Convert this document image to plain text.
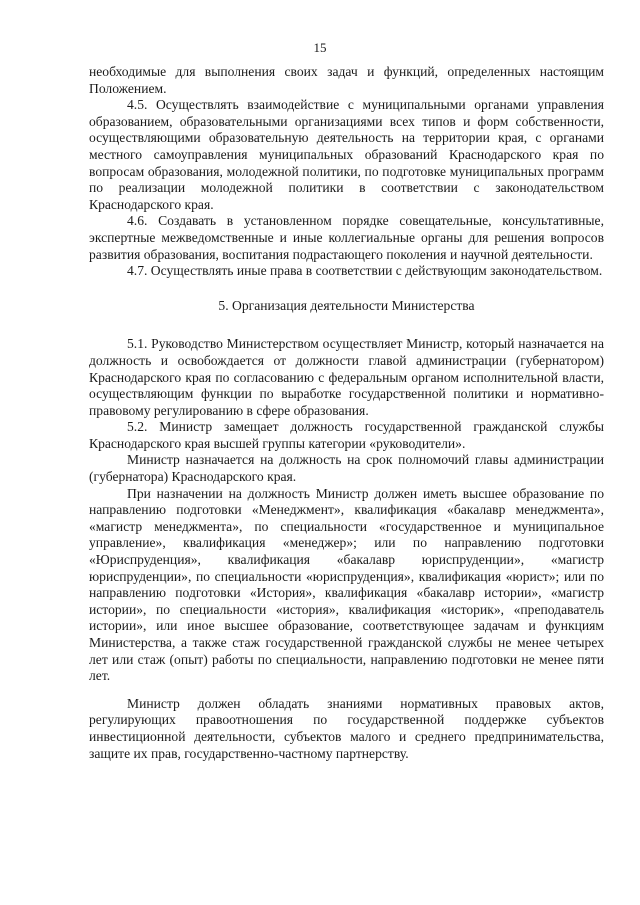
15

необходимые для выполнения своих задач и функций, определенных настоящим Положением.

4.5. Осуществлять взаимодействие с муниципальными органами управления образованием, образовательными организациями всех типов и форм собственности, осуществляющими образовательную деятельность на территории края, с органами местного самоуправления муниципальных образований Краснодарского края по вопросам образования, молодежной политики, по подготовке муниципальных программ по реализации молодежной политики в соответствии с законодательством Краснодарского края.

4.6. Создавать в установленном порядке совещательные, консультативные, экспертные межведомственные и иные коллегиальные органы для решения вопросов развития образования, воспитания подрастающего поколения и научной деятельности.

4.7. Осуществлять иные права в соответствии с действующим законодательством.

5. Организация деятельности Министерства

5.1. Руководство Министерством осуществляет Министр, который назначается на должность и освобождается от должности главой администрации (губернатором) Краснодарского края по согласованию с федеральным органом исполнительной власти, осуществляющим функции по выработке государственной политики и нормативно-правовому регулированию в сфере образования.

5.2. Министр замещает должность государственной гражданской службы Краснодарского края высшей группы категории «руководители».

Министр назначается на должность на срок полномочий главы администрации (губернатора) Краснодарского края.

При назначении на должность Министр должен иметь высшее образование по направлению подготовки «Менеджмент», квалификация «бакалавр менеджмента», «магистр менеджмента», по специальности «государственное и муниципальное управление», квалификация «менеджер»; или по направлению подготовки «Юриспруденция», квалификация «бакалавр юриспруденции», «магистр юриспруденции», по специальности «юриспруденция», квалификация «юрист»; или по направлению подготовки «История», квалификация «бакалавр истории», «магистр истории», по специальности «история», квалификация «историк», «преподаватель истории», или иное высшее образование, соответствующее задачам и функциям Министерства, а также стаж государственной гражданской службы не менее четырех лет или стаж (опыт) работы по специальности, направлению подготовки не менее пяти лет.

Министр должен обладать знаниями нормативных правовых актов, регулирующих правоотношения по государственной поддержке субъектов инвестиционной деятельности, субъектов малого и среднего предпринимательства, защите их прав, государственно-частному партнерству.
